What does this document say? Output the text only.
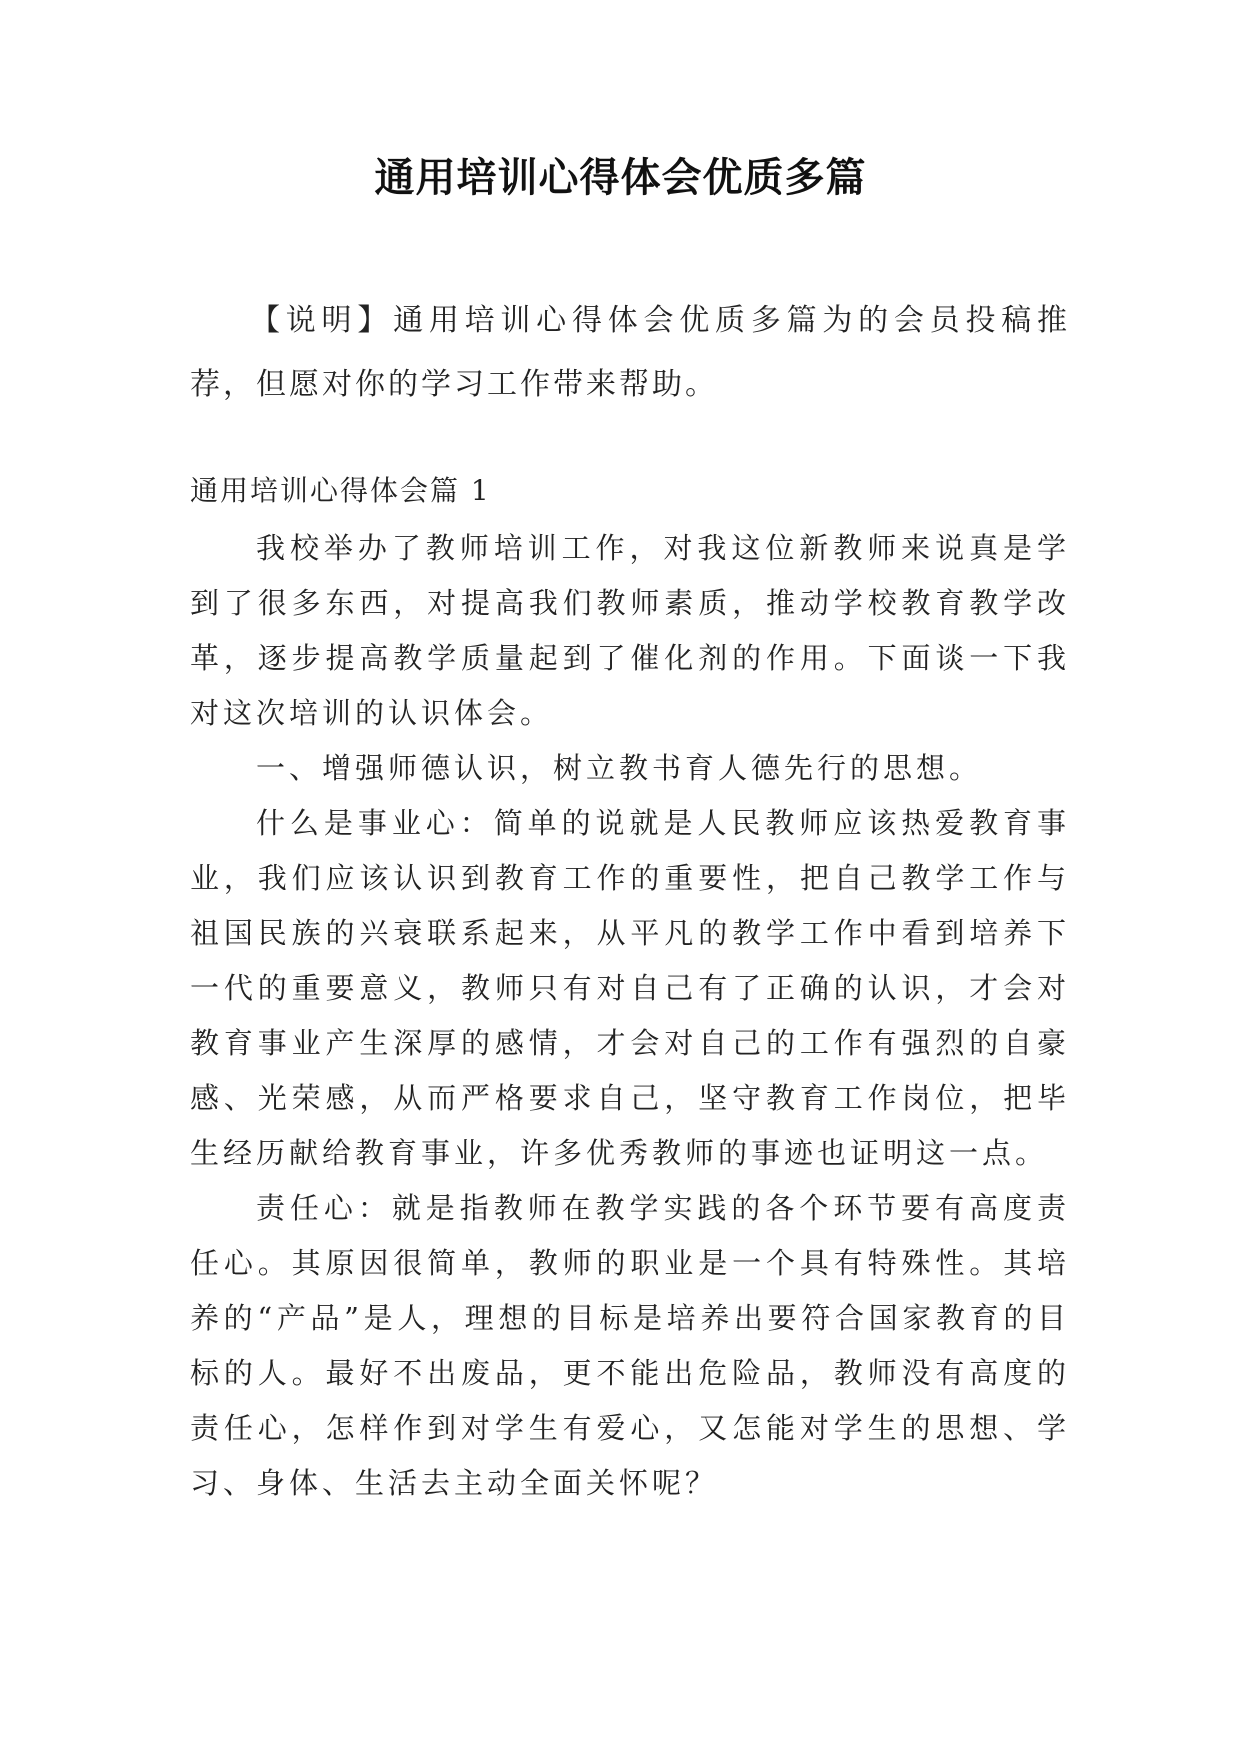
通用培训心得体会优质多篇

【说明】通用培训心得体会优质多篇为的会员投稿推荐，但愿对你的学习工作带来帮助。

通用培训心得体会篇 1

我校举办了教师培训工作，对我这位新教师来说真是学到了很多东西，对提高我们教师素质，推动学校教育教学改革，逐步提高教学质量起到了催化剂的作用。下面谈一下我对这次培训的认识体会。

一、增强师德认识，树立教书育人德先行的思想。

什么是事业心：简单的说就是人民教师应该热爱教育事业，我们应该认识到教育工作的重要性，把自己教学工作与祖国民族的兴衰联系起来，从平凡的教学工作中看到培养下一代的重要意义，教师只有对自己有了正确的认识，才会对教育事业产生深厚的感情，才会对自己的工作有强烈的自豪感、光荣感，从而严格要求自己，坚守教育工作岗位，把毕生经历献给教育事业，许多优秀教师的事迹也证明这一点。

责任心：就是指教师在教学实践的各个环节要有高度责任心。其原因很简单，教师的职业是一个具有特殊性。其培养的“产品”是人，理想的目标是培养出要符合国家教育的目标的人。最好不出废品，更不能出危险品，教师没有高度的责任心，怎样作到对学生有爱心，又怎能对学生的思想、学习、身体、生活去主动全面关怀呢？
